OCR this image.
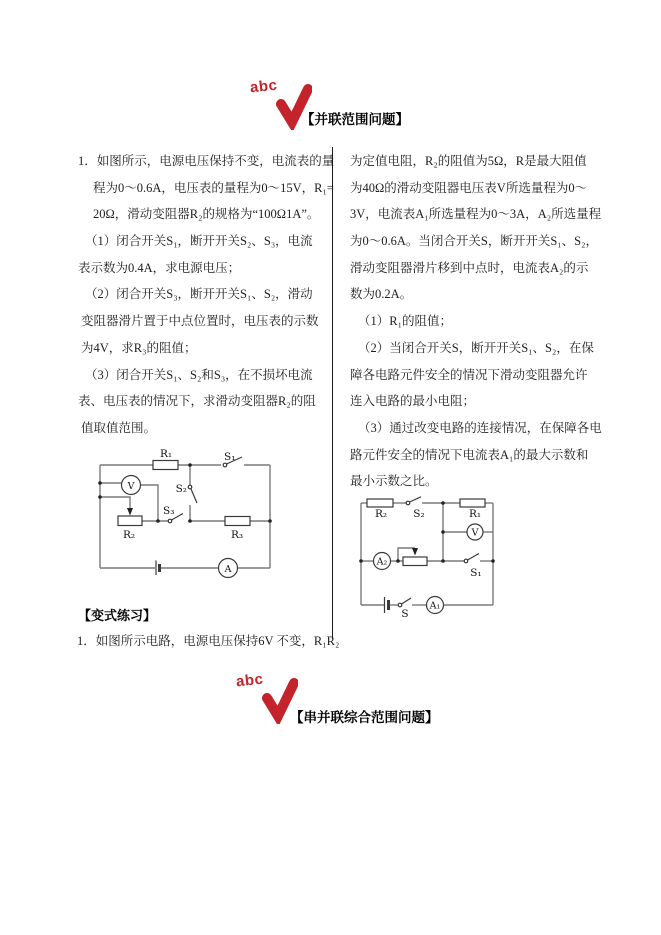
abc
【并联范围问题】
1．如图所示，电源电压保持不变，电流表的量
程为0～0.6A，电压表的量程为0～15V，R₁=
20Ω，滑动变阻器R₂的规格为“100Ω1A”。
（1）闭合开关S₁，断开开关S₂、S₃，电流
表示数为0.4A，求电源电压；
（2）闭合开关S₃，断开开关S₁、S₂，滑动
变阻器滑片置于中点位置时，电压表的示数
为4V，求R₃的阻值；
（3）闭合开关S₁、S₂和S₃，在不损坏电流
表、电压表的情况下，求滑动变阻器R₂的阻
值取值范围。
为定值电阻，R₂的阻值为5Ω，R是最大阻值
为40Ω的滑动变阻器电压表V所选量程为0～
3V，电流表A₁所选量程为0～3A，A₂所选量程
为0～0.6A。当闭合开关S，断开开关S₁、S₂，
滑动变阻器滑片移到中点时，电流表A₂的示
数为0.2A。
（1）R₁的阻值；
（2）当闭合开关S，断开开关S₁、S₂，在保
障各电路元件安全的情况下滑动变阻器允许
连入电路的最小电阻；
（3）通过改变电路的连接情况，在保障各电
路元件安全的情况下电流表A₁的最大示数和
最小示数之比。
R₁	S₁
S₂
S₃
R₂	R₃
V
A
【变式练习】
1．如图所示电路，电源电压保持6V 不变，R₁R₂
R₂ S₂	R₁
V
A₂
S₁
S
A₁
abc
【串并联综合范围问题】
